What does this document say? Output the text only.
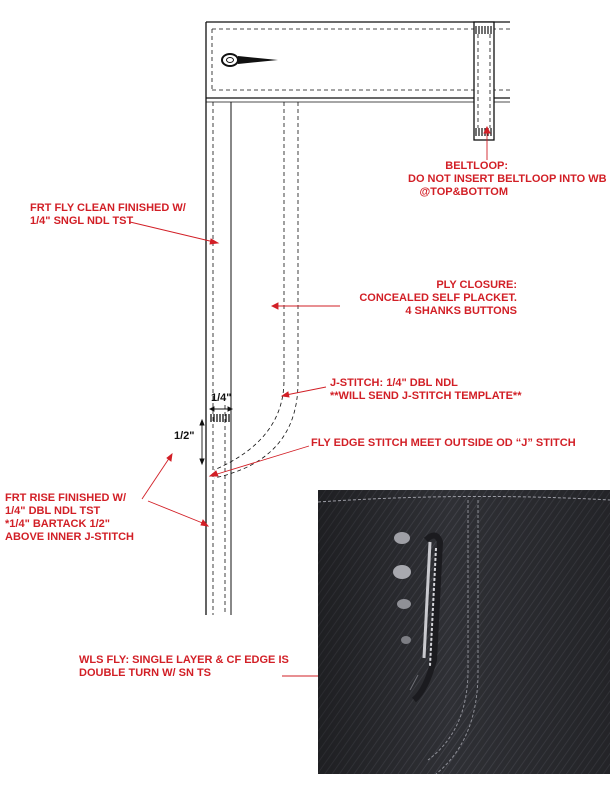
BELTLOOP:
DO NOT INSERT BELTLOOP INTO WB
@TOP&BOTTOM
FRT FLY CLEAN FINISHED W/
1/4" SNGL NDL TST
PLY CLOSURE:
CONCEALED SELF PLACKET.
4 SHANKS BUTTONS
J-STITCH: 1/4" DBL NDL
**WILL SEND J-STITCH TEMPLATE**
FLY EDGE STITCH MEET OUTSIDE OD “J” STITCH
FRT RISE FINISHED W/
1/4" DBL NDL TST
*1/4" BARTACK 1/2"
ABOVE INNER J-STITCH
1/4"
1/2"
WLS FLY: SINGLE LAYER & CF EDGE IS
DOUBLE TURN W/ SN TS
